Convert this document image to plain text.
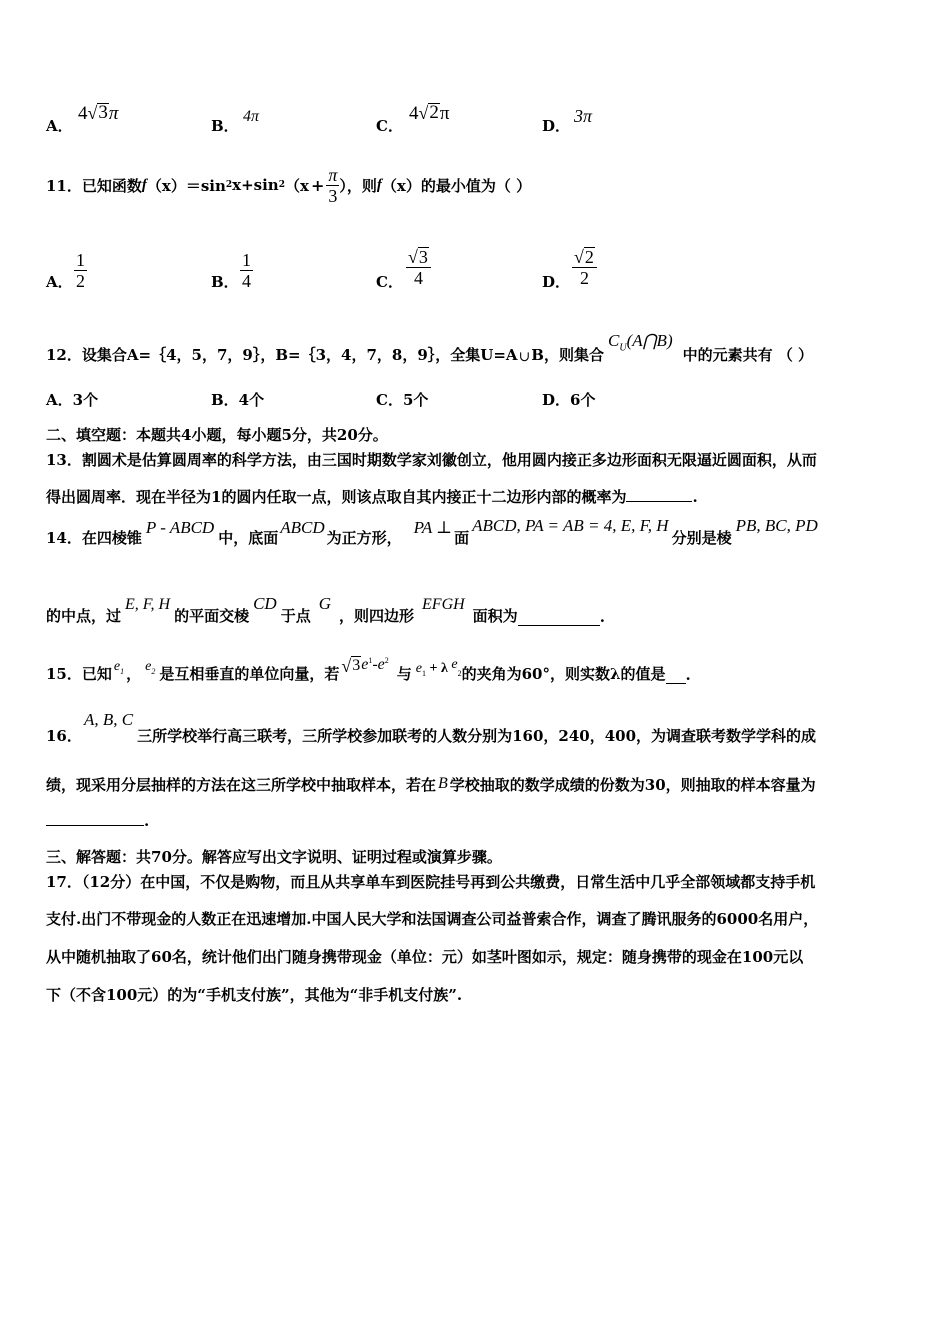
A．
4 √ 3 π
B．
4π
C．
4 √ 2 π
D． 3π
11．已知函数 f （x） ＝sin 2 x+sin 2 （$x + \frac{\pi}{3}$ ），则 f （x） 的最小值为（ ）
A． $\frac{1}{2}$	B． $\frac{1}{4}$	C． $\frac{√ 3}{4}$	D． $\frac{√ 2}{2}$
12．设集合A=｛4，5，7，9｝，B=｛3，4，7，8，9｝，全集U=A ∪ B，则集合
$C_U(A⋂B)$
中的元素共有 （ ）
A．3个	B．4个	C．5个	D．6个
二、填空题：本题共4小题，每小题5分，共20分。
13．割圆术是估算圆周率的科学方法，由三国时期数学家刘徽创立，他用圆内接正多边形面积无限逼近圆面积，从而
得出圆周率．现在半径为1的圆内任取一点，则该点取自其内接正十二边形内部的概率为	.
14．在四棱锥
P - ABCD
中，底面
ABCD
为正方形，
PA ⊥
面
ABCD, PA = AB = 4, E, F, H
分别是棱
PB, BC, PD
的中点，过
E, F, H
的平面交棱
CD
于点
G
，则四边形
EFGH
面积为	.
15．已知 $e_1$ ， $e_2$ 是互相垂直的单位向量，若 √ 3 $e^1 - e^2$
与 $e_1 + \lambda$ $e_2$ 的夹角为60°，则实数λ的值是 .
16．
A, B, C
三所学校举行高三联考，三所学校参加联考的人数分别为160，240，400，为调查联考数学学科的成
绩，现采用分层抽样的方法在这三所学校中抽取样本，若在 B 学校抽取的数学成绩的份数为30，则抽取的样本容量为
.
三、解答题：共70分。解答应写出文字说明、证明过程或演算步骤。
17．（12分）在中国，不仅是购物，而且从共享单车到医院挂号再到公共缴费，日常生活中几乎全部领域都支持手机
支付.出门不带现金的人数正在迅速增加.中国人民大学和法国调查公司益普索合作，调查了腾讯服务的6000名用户，
从中随机抽取了60名，统计他们出门随身携带现金（单位：元）如茎叶图如示，规定：随身携带的现金在100元以
下（不含100元）的为“手机支付族”，其他为“非手机支付族”.
